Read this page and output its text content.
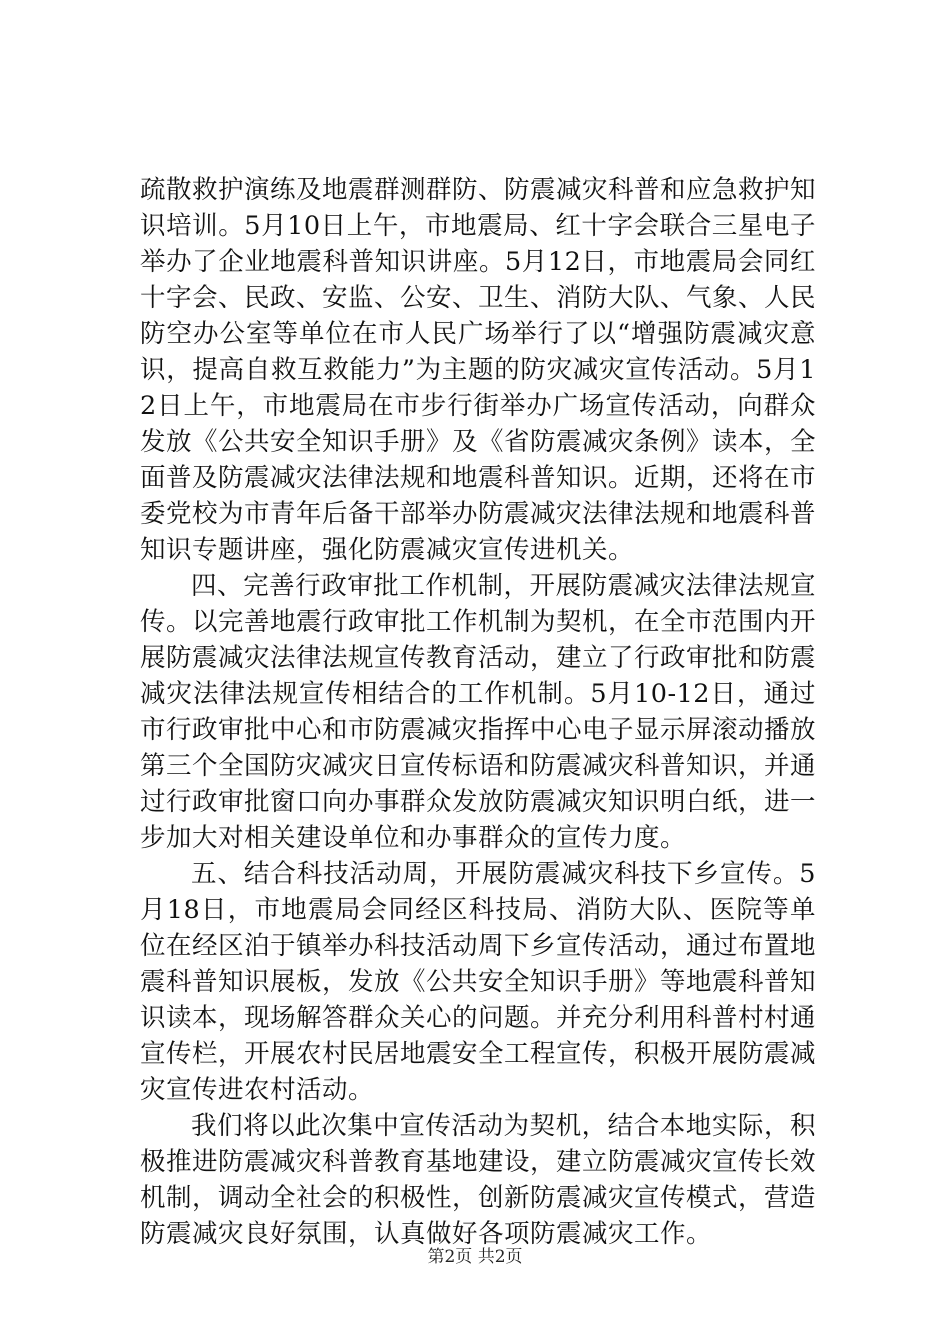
疏散救护演练及地震群测群防、防震减灾科普和应急救护知识培训。5月10日上午，市地震局、红十字会联合三星电子举办了企业地震科普知识讲座。5月12日，市地震局会同红十字会、民政、安监、公安、卫生、消防大队、气象、人民防空办公室等单位在市人民广场举行了以“增强防震减灾意识，提高自救互救能力”为主题的防灾减灾宣传活动。5月12日上午，市地震局在市步行街举办广场宣传活动，向群众发放《公共安全知识手册》及《省防震减灾条例》读本，全面普及防震减灾法律法规和地震科普知识。近期，还将在市委党校为市青年后备干部举办防震减灾法律法规和地震科普知识专题讲座，强化防震减灾宣传进机关。

四、完善行政审批工作机制，开展防震减灾法律法规宣传。以完善地震行政审批工作机制为契机，在全市范围内开展防震减灾法律法规宣传教育活动，建立了行政审批和防震减灾法律法规宣传相结合的工作机制。5月10-12日，通过市行政审批中心和市防震减灾指挥中心电子显示屏滚动播放第三个全国防灾减灾日宣传标语和防震减灾科普知识，并通过行政审批窗口向办事群众发放防震减灾知识明白纸，进一步加大对相关建设单位和办事群众的宣传力度。

五、结合科技活动周，开展防震减灾科技下乡宣传。5月18日，市地震局会同经区科技局、消防大队、医院等单位在经区泊于镇举办科技活动周下乡宣传活动，通过布置地震科普知识展板，发放《公共安全知识手册》等地震科普知识读本，现场解答群众关心的问题。并充分利用科普村村通宣传栏，开展农村民居地震安全工程宣传，积极开展防震减灾宣传进农村活动。

我们将以此次集中宣传活动为契机，结合本地实际，积极推进防震减灾科普教育基地建设，建立防震减灾宣传长效机制，调动全社会的积极性，创新防震减灾宣传模式，营造防震减灾良好氛围，认真做好各项防震减灾工作。

第2页 共2页
